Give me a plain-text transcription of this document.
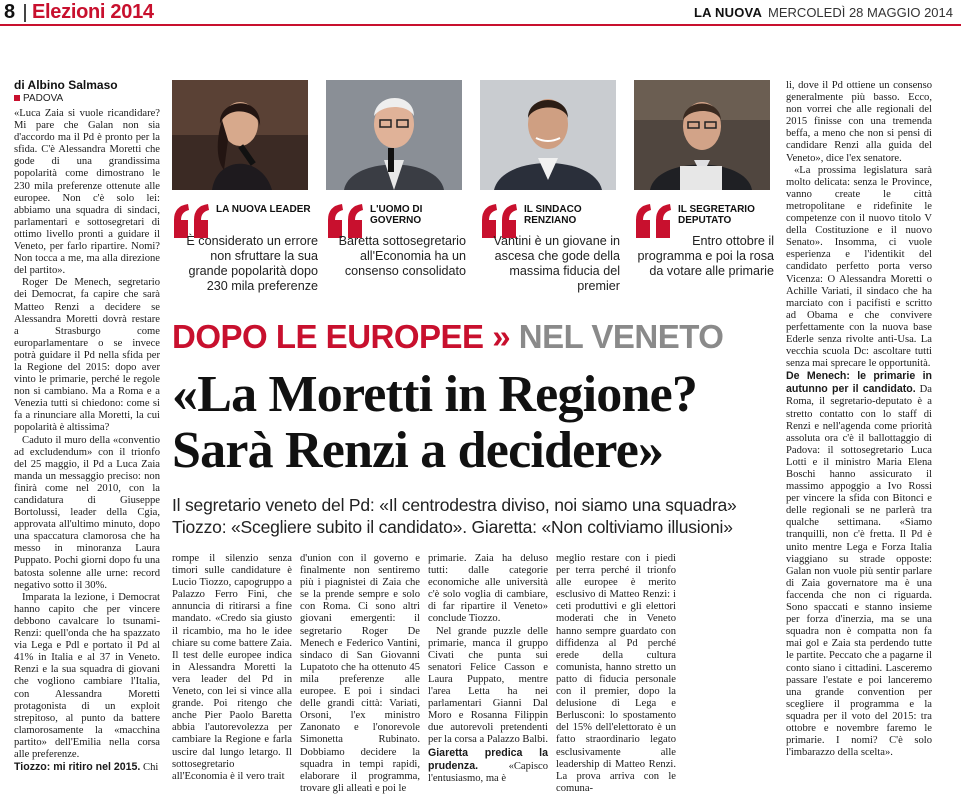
8 Elezioni 2014	LA NUOVA MERCOLEDÌ 28 MAGGIO 2014
di Albino Salmaso
PADOVA

«Luca Zaia si vuole ricandidare? Mi pare che Galan non sia d'accordo ma il Pd è pronto per la sfida. C'è Alessandra Moretti che gode di una grandissima popolarità come dimostrano le 230 mila preferenze ottenute alle europee. Non c'è solo lei: abbiamo una squadra di sindaci, parlamentari e sottosegretari di ottimo livello pronti a guidare il Veneto, per farlo ripartire. Nomi? Non tocca a me, ma alla direzione del partito».

Roger De Menech, segretario dei Democrat, fa capire che sarà Matteo Renzi a decidere se Alessandra Moretti dovrà restare a Strasburgo come europarlamentare o se invece potrà guidare il Pd nella sfida per la Regione del 2015: dopo aver vinto le primarie, perché le regole non si cambiano. Ma a Roma e a Venezia tutti si chiedono: come si fa a rinunciare alla Moretti, la cui popolarità è altissima?

Caduto il muro della «conventio ad excludendum» con il trionfo del 25 maggio, il Pd a Luca Zaia manda un messaggio preciso: non finirà come nel 2010, con la candidatura di Giuseppe Bortolussi, leader della Cgia, approvata all'ultimo minuto, dopo una spaccatura clamorosa che ha messo in minoranza Laura Puppato. Pochi giorni dopo fu una batosta solenne alle urne: record negativo sotto il 30%.

Imparata la lezione, i Democrat hanno capito che per vincere debbono cavalcare lo tsunami-Renzi: quell'onda che ha spazzato via Lega e Pdl e portato il Pd al 41% in Italia e al 37 in Veneto. Renzi e la sua squadra di giovani che vogliono cambiare l'Italia, con Alessandra Moretti protagonista di un exploit strepitoso, al punto da battere clamorosamente la «macchina partito» dell'Emilia nella corsa alle preferenze.

Tiozzo: mi ritiro nel 2015. Chi

LA NUOVA LEADER
È considerato un errore non sfruttare la sua grande popolarità dopo 230 mila preferenze
L'UOMO DI GOVERNO
Baretta sottosegretario all'Economia ha un consenso consolidato
IL SINDACO RENZIANO
Vantini è un giovane in ascesa che gode della massima fiducia del premier
IL SEGRETARIO DEPUTATO
Entro ottobre il programma e poi la rosa da votare alle primarie
DOPO LE EUROPEE » NEL VENETO
«La Moretti in Regione?
Sarà Renzi a decidere»
Il segretario veneto del Pd: «Il centrodestra diviso, noi siamo una squadra»
Tiozzo: «Scegliere subito il candidato». Giaretta: «Non coltiviamo illusioni»

rompe il silenzio senza timori sulle candidature è Lucio Tiozzo, capogruppo a Palazzo Ferro Fini, che annuncia di ritirarsi a fine mandato. «Credo sia giusto il ricambio, ma ho le idee chiare su come battere Zaia. Il test delle europee indica in Alessandra Moretti la vera leader del Pd in Veneto, con lei si vince alla grande. Poi ritengo che anche Pier Paolo Baretta abbia l'autorevolezza per cambiare la Regione e farla uscire dal lungo letargo. Il sottosegretario all'Economia è il vero trait

d'union con il governo e finalmente non sentiremo più i piagnistei di Zaia che se la prende sempre e solo con Roma. Ci sono altri giovani emergenti: il segretario Roger De Menech e Federico Vantini, sindaco di San Giovanni Lupatoto che ha ottenuto 45 mila preferenze alle europee. E poi i sindaci delle grandi città: Variati, Orsoni, l'ex ministro Zanonato e l'onorevole Simonetta Rubinato. Dobbiamo decidere la squadra in tempi rapidi, elaborare il programma, trovare gli alleati e poi le

primarie. Zaia ha deluso tutti: dalle categorie economiche alle università c'è solo voglia di cambiare, di far ripartire il Veneto» conclude Tiozzo.

Nel grande puzzle delle primarie, manca il gruppo Civati che punta sui senatori Felice Casson e Laura Puppato, mentre l'area Letta ha nei parlamentari Gianni Dal Moro e Rosanna Filippin due autorevoli pretendenti per la corsa a Palazzo Balbi.

Giaretta predica la prudenza.	«Capisco l'entusiasmo, ma è

meglio restare con i piedi per terra perché il trionfo alle europee è merito esclusivo di Matteo Renzi: i ceti produttivi e gli elettori moderati che in Veneto hanno sempre guardato con diffidenza al Pd perché erede della cultura comunista, hanno stretto un patto di fiducia personale con il premier, dopo la delusione di Lega e Berlusconi: lo spostamento del 15% dell'elettorato è un fatto straordinario legato esclusivamente alle leadership di Matteo Renzi. La prova arriva con le comuna-

li, dove il Pd ottiene un consenso generalmente più basso. Ecco, non vorrei che alle regionali del 2015 finisse con una tremenda beffa, a meno che non si pensi di candidare Renzi alla guida del Veneto», dice l'ex senatore.

«La prossima legislatura sarà molto delicata: senza le Province, vanno create le città metropolitane e ridefinite le competenze con il nuovo titolo V della Costituzione e il nuovo Senato». Insomma, ci vuole esperienza e l'identikit del candidato perfetto porta verso Vicenza: O Alessandra Moretti o Achille Variati, il sindaco che ha marciato con i pacifisti e scritto ad Obama e che convivere perfettamente con la nuova base Ederle senza rivolte anti-Usa. La vecchia scuola Dc: ascoltare tutti senza mai sprecare le opportunità.

De Menech: le primarie in autunno per il candidato. Da Roma, il segretario-deputato è a stretto contatto con lo staff di Renzi e nell'agenda come priorità assoluta ora c'è il ballottaggio di Padova: il sottosegretario Luca Lotti e il ministro Maria Elena Boschi hanno assicurato il massimo appoggio a Ivo Rossi per vincere la sfida con Bitonci e delle regionali se ne parlerà tra qualche settimana. «Siamo tranquilli, non c'è fretta. Il Pd è unito mentre Lega e Forza Italia viaggiano su strade opposte: Galan non vuole più sentir parlare di Zaia governatore ma è una faccenda che non ci riguarda. Sono spaccati e stanno insieme per forza d'inerzia, ma se una squadra non è compatta non fa mai gol e Zaia sta perdendo tutte le partite. Peccato che a pagarne il conto siano i cittadini. Lasceremo passare l'estate e poi lanceremo una grande convention per scegliere il programma e la squadra per il voto del 2015: tra ottobre e novembre faremo le primarie. I nomi? C'è solo l'imbarazzo della scelta».
